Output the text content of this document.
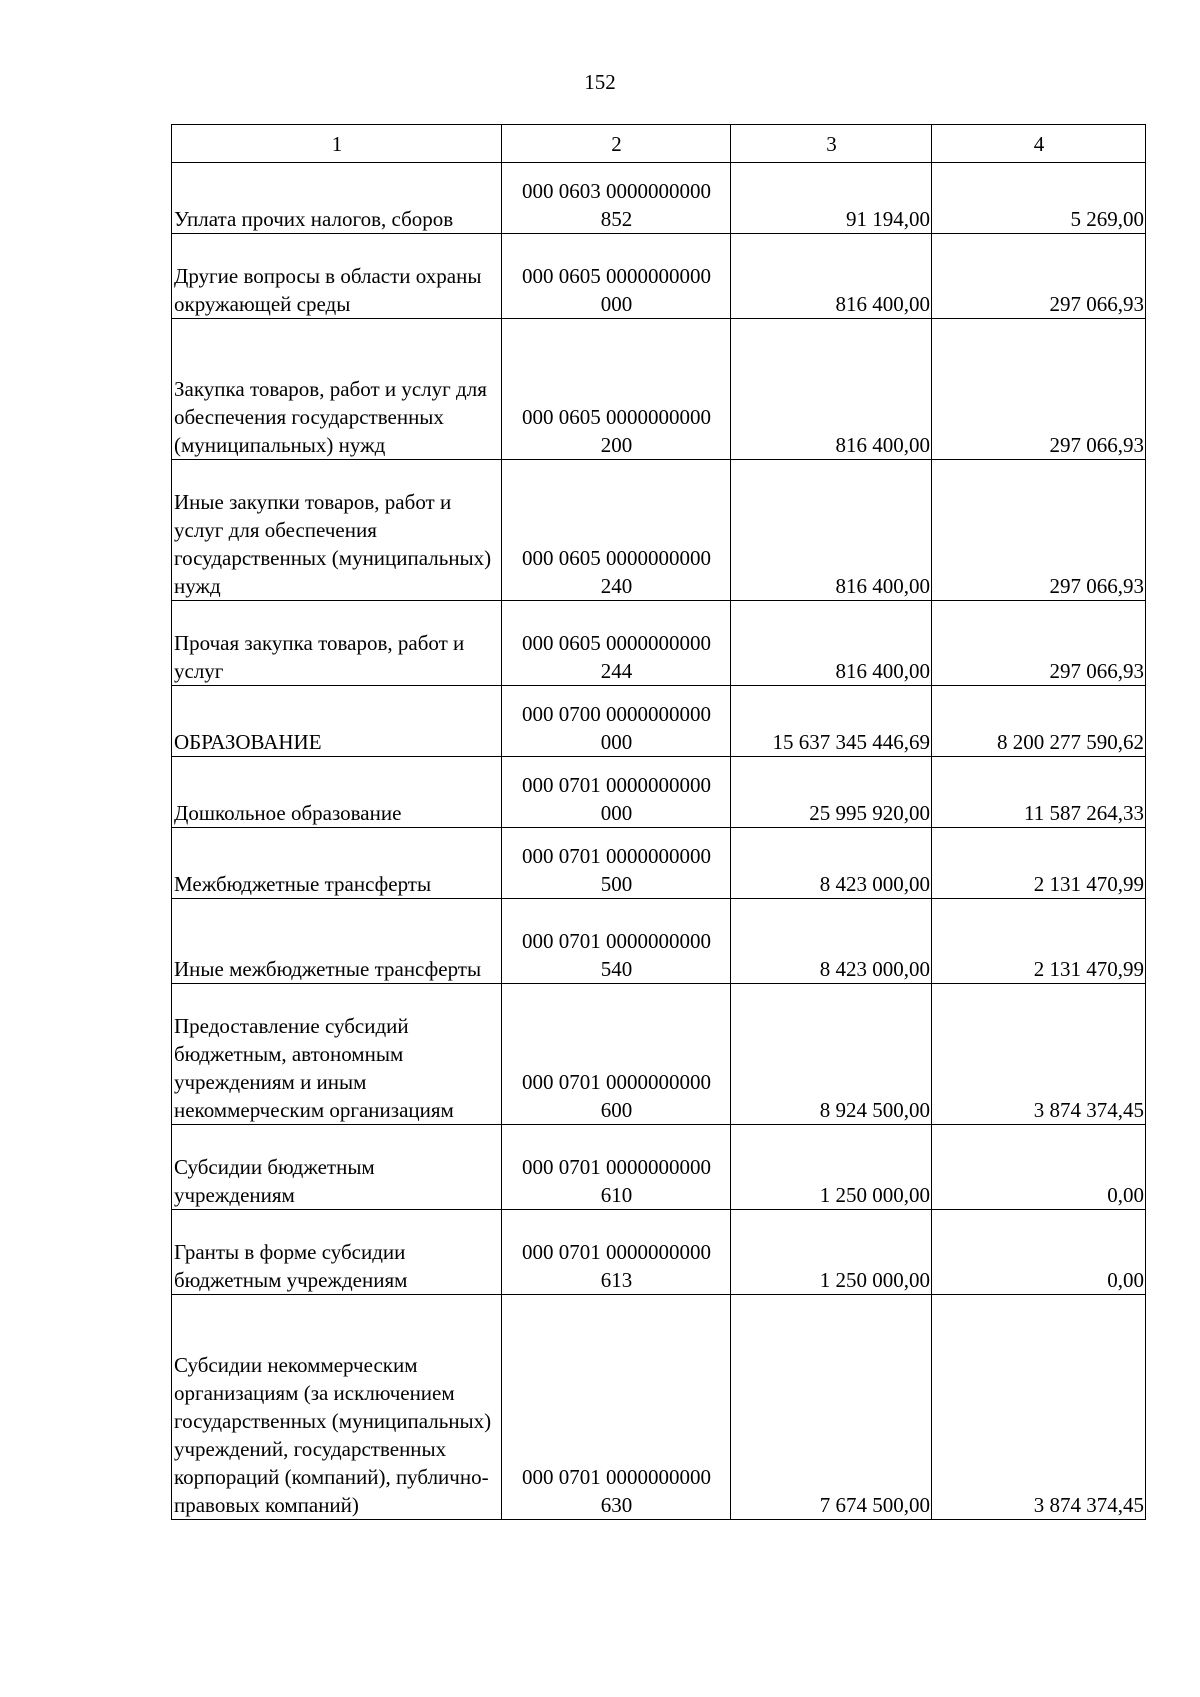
152
1	2	3	4
Уплата прочих налогов, сборов	000 0603 0000000000 852	91 194,00	5 269,00
Другие вопросы в области охраны окружающей среды	000 0605 0000000000 000	816 400,00	297 066,93
Закупка товаров, работ и услуг для обеспечения государственных (муниципальных) нужд	000 0605 0000000000 200	816 400,00	297 066,93
Иные закупки товаров, работ и услуг для обеспечения государственных (муниципальных) нужд	000 0605 0000000000 240	816 400,00	297 066,93
Прочая закупка товаров, работ и услуг	000 0605 0000000000 244	816 400,00	297 066,93
ОБРАЗОВАНИЕ	000 0700 0000000000 000	15 637 345 446,69	8 200 277 590,62
Дошкольное образование	000 0701 0000000000 000	25 995 920,00	11 587 264,33
Межбюджетные трансферты	000 0701 0000000000 500	8 423 000,00	2 131 470,99
Иные межбюджетные трансферты	000 0701 0000000000 540	8 423 000,00	2 131 470,99
Предоставление субсидий бюджетным, автономным учреждениям и иным некоммерческим организациям	000 0701 0000000000 600	8 924 500,00	3 874 374,45
Субсидии бюджетным учреждениям	000 0701 0000000000 610	1 250 000,00	0,00
Гранты в форме субсидии бюджетным учреждениям	000 0701 0000000000 613	1 250 000,00	0,00
Субсидии некоммерческим организациям (за исключением государственных (муниципальных) учреждений, государственных корпораций (компаний), публично-правовых компаний)	000 0701 0000000000 630	7 674 500,00	3 874 374,45
